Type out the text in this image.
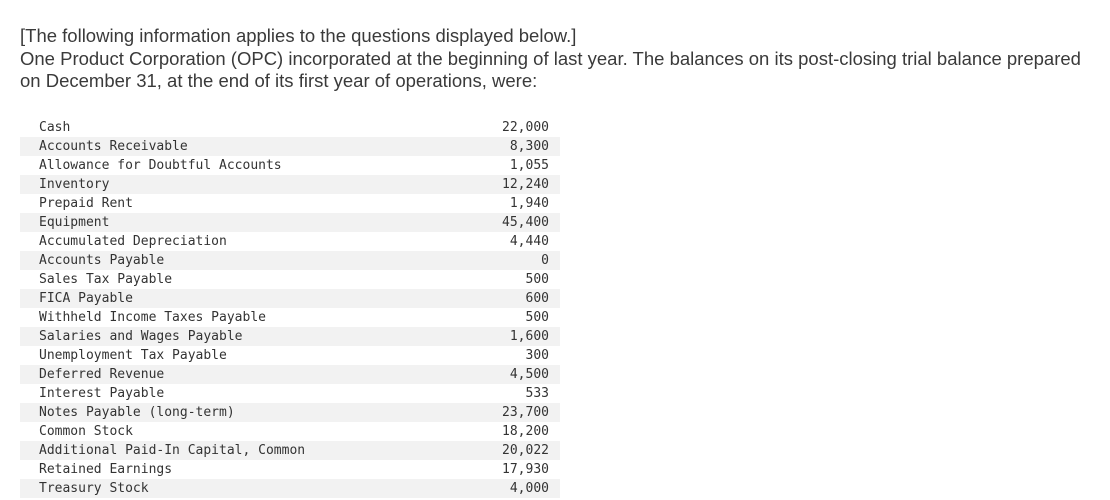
[The following information applies to the questions displayed below.]

One Product Corporation (OPC) incorporated at the beginning of last year. The balances on its post-closing trial balance prepared on December 31, at the end of its first year of operations, were:

Cash	22,000
Accounts Receivable	8,300
Allowance for Doubtful Accounts	1,055
Inventory	12,240
Prepaid Rent	1,940
Equipment	45,400
Accumulated Depreciation	4,440
Accounts Payable	0
Sales Tax Payable	500
FICA Payable	600
Withheld Income Taxes Payable	500
Salaries and Wages Payable	1,600
Unemployment Tax Payable	300
Deferred Revenue	4,500
Interest Payable	533
Notes Payable (long-term)	23,700
Common Stock	18,200
Additional Paid-In Capital, Common	20,022
Retained Earnings	17,930
Treasury Stock	4,000
